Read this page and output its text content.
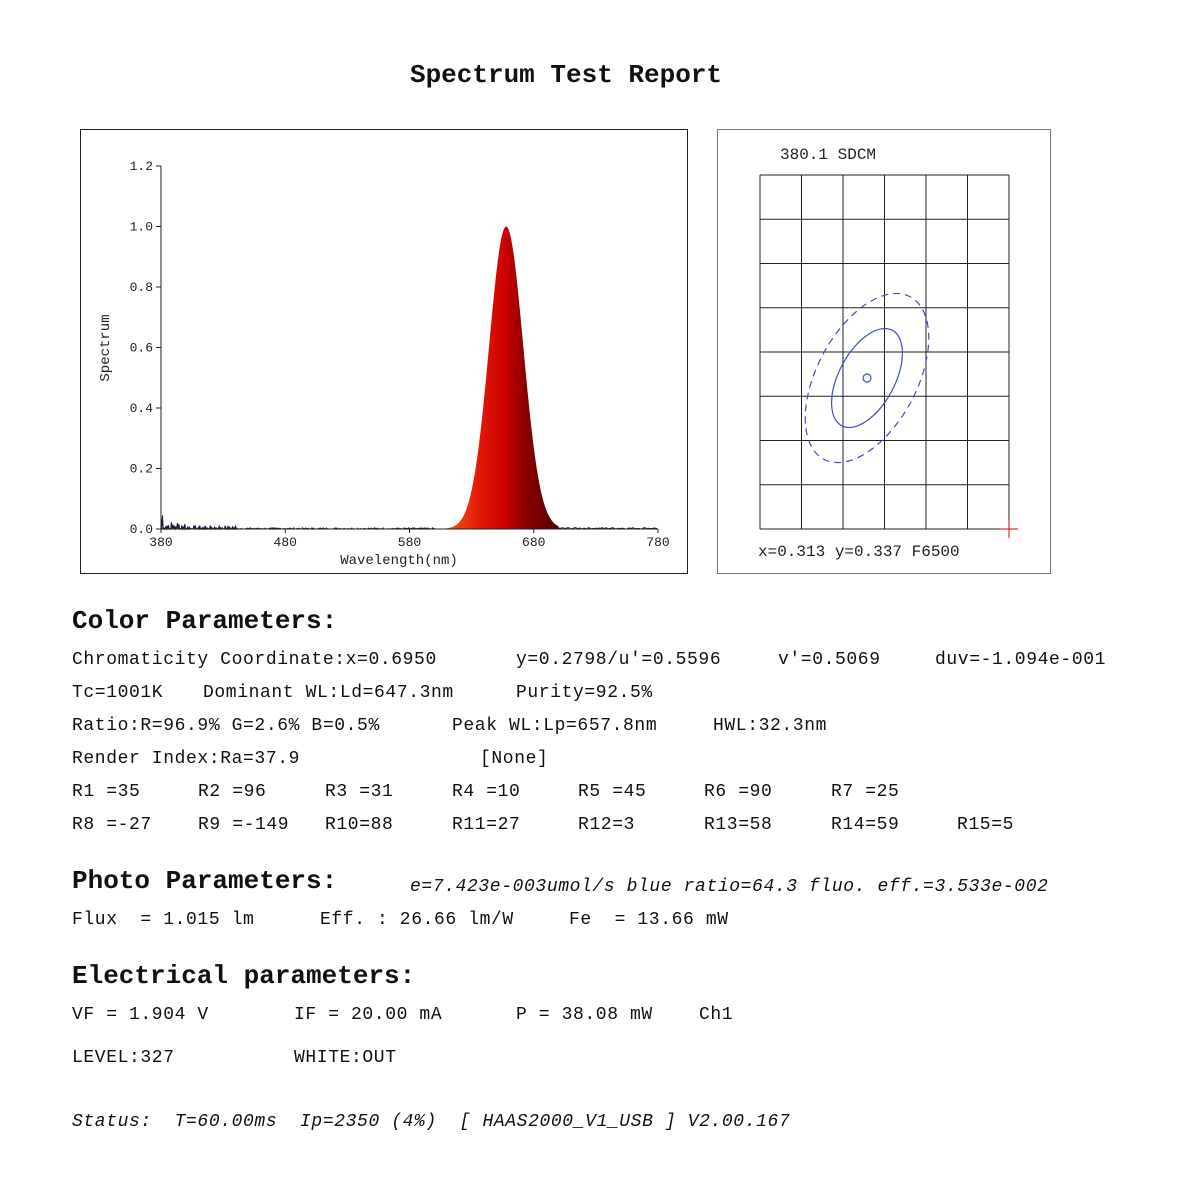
Spectrum Test Report
0.0
0.2
0.4
0.6
0.8
1.0
1.2
380	480	580	680	780
Wavelength(nm)
Spectrum
380.1 SDCM
x=0.313 y=0.337 F6500
Color Parameters:
Chromaticity Coordinate:x=0.6950	y=0.2798/u'=0.5596	v'=0.5069	duv=-1.094e-001
Tc=1001K Dominant WL:Ld=647.3nm	Purity=92.5%
Ratio:R=96.9% G=2.6% B=0.5%	Peak WL:Lp=657.8nm	HWL:32.3nm
Render Index:Ra=37.9	[None]
R1 =35	R2 =96	R3 =31	R4 =10	R5 =45	R6 =90	R7 =25
R8 =-27	R9 =-149 R10=88	R11=27	R12=3	R13=58	R14=59	R15=5
Photo Parameters:	e=7.423e-003umol/s blue ratio=64.3 fluo. eff.=3.533e-002
Flux  = 1.015 lm	Eff. : 26.66 lm/W	Fe  = 13.66 mW
Electrical parameters:
VF = 1.904 V	IF = 20.00 mA	P = 38.08 mW	Ch1
LEVEL:327	WHITE:OUT
Status:  T=60.00ms  Ip=2350 (4%)  [ HAAS2000_V1_USB ] V2.00.167
